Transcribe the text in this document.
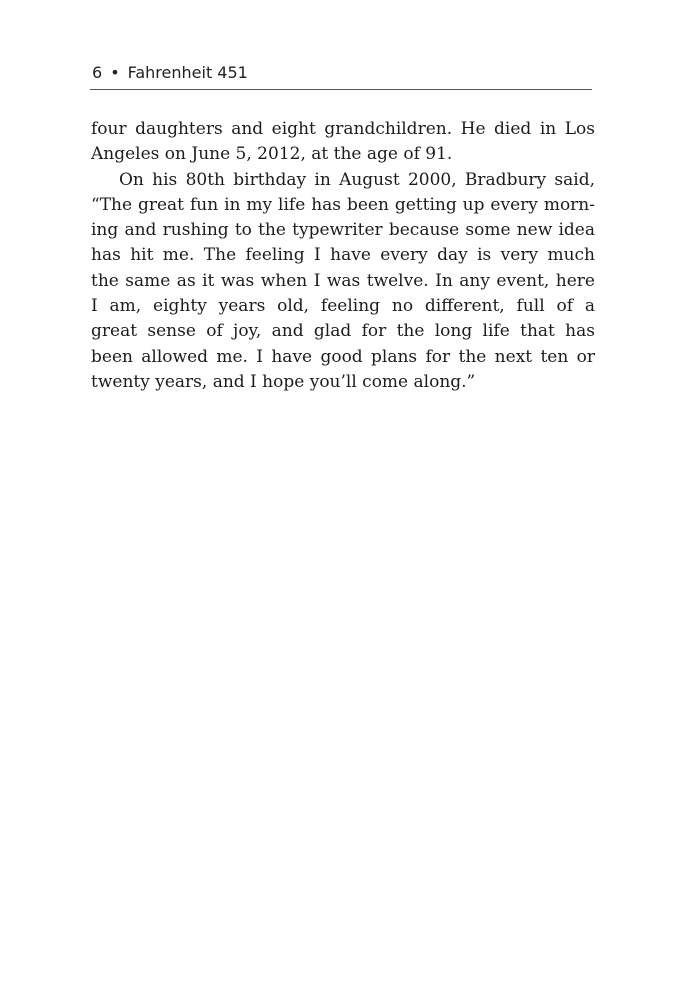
6 • Fahrenheit 451
four daughters and eight grandchildren. He died in Los
Angeles on June 5, 2012, at the age of 91.
On his 80th birthday in August 2000, Bradbury said,
“The great fun in my life has been getting up every morn-
ing and rushing to the typewriter because some new idea
has hit me. The feeling I have every day is very much
the same as it was when I was twelve. In any event, here
I am, eighty years old, feeling no different, full of a
great sense of joy, and glad for the long life that has
been allowed me. I have good plans for the next ten or
twenty years, and I hope you’ll come along.”
